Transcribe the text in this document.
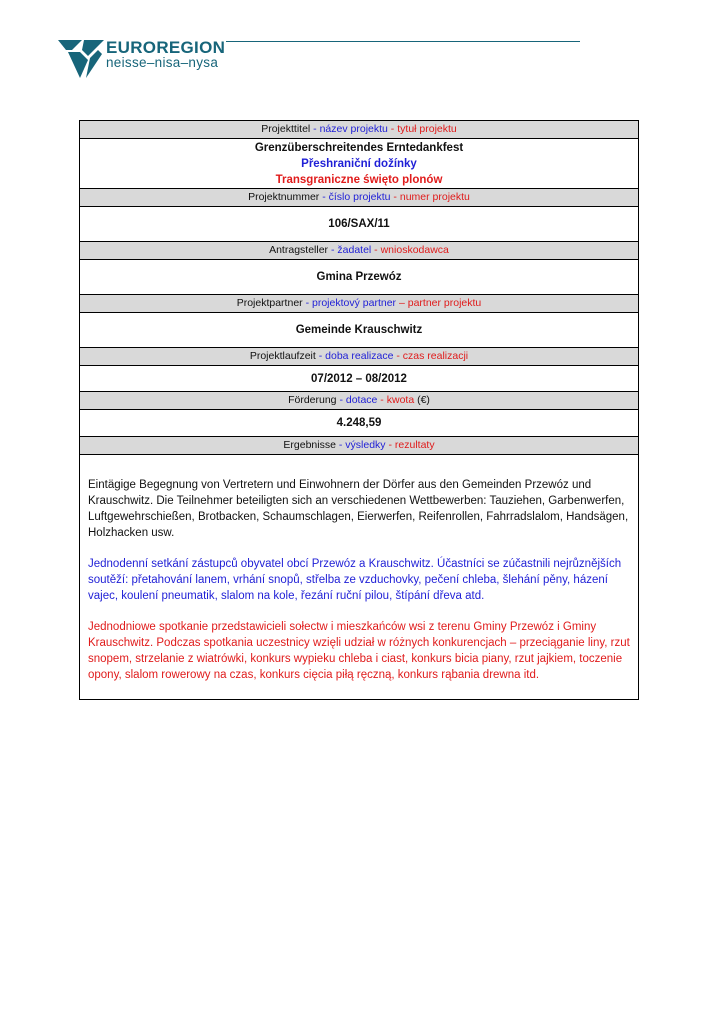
EUROREGION
neisse–nisa–nysa
Projekttitel - název projektu - tytuł projektu
Grenzüberschreitendes Erntedankfest
Přeshraniční dožínky
Transgraniczne święto plonów
Projektnummer - číslo projektu - numer projektu
106/SAX/11
Antragsteller - žadatel - wnioskodawca
Gmina Przewóz
Projektpartner - projektový partner – partner projektu
Gemeinde Krauschwitz
Projektlaufzeit - doba realizace - czas realizacji
07/2012 – 08/2012
Förderung - dotace - kwota (€)
4.248,59
Ergebnisse - výsledky - rezultaty

Eintägige Begegnung von Vertretern und Einwohnern der Dörfer aus den Gemeinden Przewóz und Krauschwitz. Die Teilnehmer beteiligten sich an verschiedenen Wettbewerben: Tauziehen, Garbenwerfen, Luftgewehrschießen, Brotbacken, Schaumschlagen, Eierwerfen, Reifenrollen, Fahrradslalom, Handsägen, Holzhacken usw.

Jednodenní setkání zástupců obyvatel obcí Przewóz a Krauschwitz. Účastníci se zúčastnili nejrůznějších soutěží: přetahování lanem, vrhání snopů, střelba ze vzduchovky, pečení chleba, šlehání pěny, házení vajec, koulení pneumatik, slalom na kole, řezání ruční pilou, štípání dřeva atd.

Jednodniowe spotkanie przedstawicieli sołectw i mieszkańców wsi z terenu Gminy Przewóz i Gminy Krauschwitz. Podczas spotkania uczestnicy wzięli udział w różnych konkurencjach – przeciąganie liny, rzut snopem, strzelanie z wiatrówki, konkurs wypieku chleba i ciast, konkurs bicia piany, rzut jajkiem, toczenie opony, slalom rowerowy na czas, konkurs cięcia piłą ręczną, konkurs rąbania drewna itd.
